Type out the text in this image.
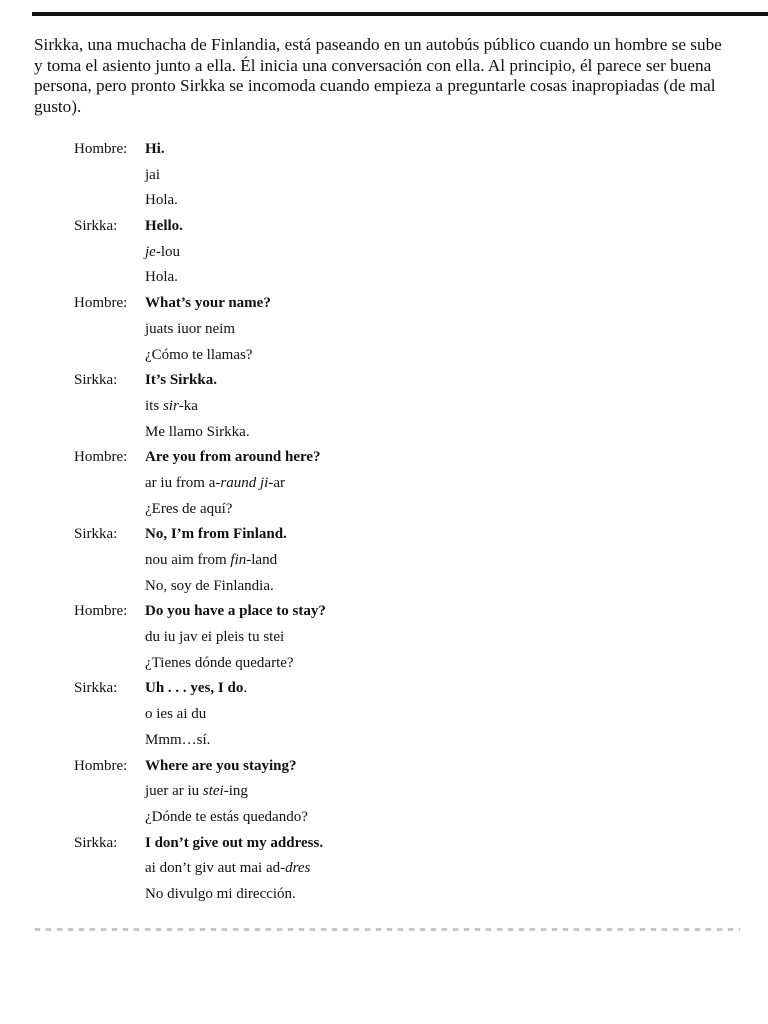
Sirkka, una muchacha de Finlandia, está paseando en un autobús público cuando un hombre se sube y toma el asiento junto a ella. Él inicia una conversación con ella. Al principio, él parece ser buena persona, pero pronto Sirkka se incomoda cuando empieza a preguntarle cosas inapropiadas (de mal gusto).

Hombre:	Hi.
jai
Hola.
Sirkka:	Hello.
je-lou
Hola.
Hombre:	What’s your name?
juats iuor neim
¿Cómo te llamas?
Sirkka:	It’s Sirkka.
its sir-ka
Me llamo Sirkka.
Hombre:	Are you from around here?
ar iu from a-raund ji-ar
¿Eres de aquí?
Sirkka:	No, I’m from Finland.
nou aim from fin-land
No, soy de Finlandia.
Hombre:	Do you have a place to stay?
du iu jav ei pleis tu stei
¿Tienes dónde quedarte?
Sirkka:	Uh . . . yes, I do.
o ies ai du
Mmm…sí.
Hombre:	Where are you staying?
juer ar iu stei-ing
¿Dónde te estás quedando?
Sirkka:	I don’t give out my address.
ai don’t giv aut mai ad-dres
No divulgo mi dirección.
